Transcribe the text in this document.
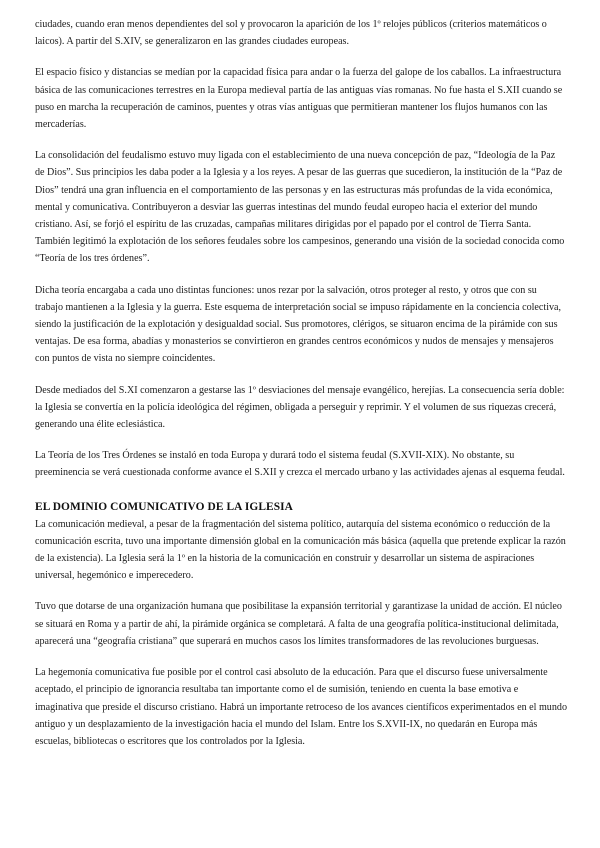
ciudades, cuando eran menos dependientes del sol y provocaron la aparición de los 1º relojes públicos (criterios matemáticos o laicos). A partir del S.XIV, se generalizaron en las grandes ciudades europeas.

El espacio físico y distancias se medían por la capacidad física para andar o la fuerza del galope de los caballos. La infraestructura básica de las comunicaciones terrestres en la Europa medieval partía de las antiguas vías romanas. No fue hasta el S.XII cuando se puso en marcha la recuperación de caminos, puentes y otras vías antiguas que permitieran mantener los flujos humanos con las mercaderías.

La consolidación del feudalismo estuvo muy ligada con el establecimiento de una nueva concepción de paz, “Ideología de la Paz de Dios”. Sus principios les daba poder a la Iglesia y a los reyes. A pesar de las guerras que sucedieron, la institución de la “Paz de Dios” tendrá una gran influencia en el comportamiento de las personas y en las estructuras más profundas de la vida económica, mental y comunicativa. Contribuyeron a desviar las guerras intestinas del mundo feudal europeo hacia el exterior del mundo cristiano. Así, se forjó el espíritu de las cruzadas, campañas militares dirigidas por el papado por el control de Tierra Santa. También legitimó la explotación de los señores feudales sobre los campesinos, generando una visión de la sociedad conocida como “Teoría de los tres órdenes”.

Dicha teoría encargaba a cada uno distintas funciones: unos rezar por la salvación, otros proteger al resto, y otros que con su trabajo mantienen a la Iglesia y la guerra. Este esquema de interpretación social se impuso rápidamente en la conciencia colectiva, siendo la justificación de la explotación y desigualdad social. Sus promotores, clérigos, se situaron encima de la pirámide con sus ventajas. De esa forma, abadías y monasterios se convirtieron en grandes centros económicos y nudos de mensajes y mensajeros con puntos de vista no siempre coincidentes.

Desde mediados del S.XI comenzaron a gestarse las 1º desviaciones del mensaje evangélico, herejías. La consecuencia sería doble: la Iglesia se convertía en la policía ideológica del régimen, obligada a perseguir y reprimir. Y el volumen de sus riquezas crecerá, generando una élite eclesiástica.

La Teoría de los Tres Órdenes se instaló en toda Europa y durará todo el sistema feudal (S.XVII-XIX). No obstante, su preeminencia se verá cuestionada conforme avance el S.XII y crezca el mercado urbano y las actividades ajenas al esquema feudal.

EL DOMINIO COMUNICATIVO DE LA IGLESIA

La comunicación medieval, a pesar de la fragmentación del sistema político, autarquía del sistema económico o reducción de la comunicación escrita, tuvo una importante dimensión global en la comunicación más básica (aquella que pretende explicar la razón de la existencia). La Iglesia será la 1º en la historia de la comunicación en construir y desarrollar un sistema de aspiraciones universal, hegemónico e imperecedero.

Tuvo que dotarse de una organización humana que posibilitase la expansión territorial y garantizase la unidad de acción. El núcleo se situará en Roma y a partir de ahí, la pirámide orgánica se completará. A falta de una geografía política-institucional delimitada, aparecerá una “geografía cristiana” que superará en muchos casos los límites transformadores de las revoluciones burguesas.

La hegemonía comunicativa fue posible por el control casi absoluto de la educación. Para que el discurso fuese universalmente aceptado, el principio de ignorancia resultaba tan importante como el de sumisión, teniendo en cuenta la base emotiva e imaginativa que preside el discurso cristiano. Habrá un importante retroceso de los avances científicos experimentados en el mundo antiguo y un desplazamiento de la investigación hacia el mundo del Islam. Entre los S.XVII-IX, no quedarán en Europa más escuelas, bibliotecas o escritores que los controlados por la Iglesia.
